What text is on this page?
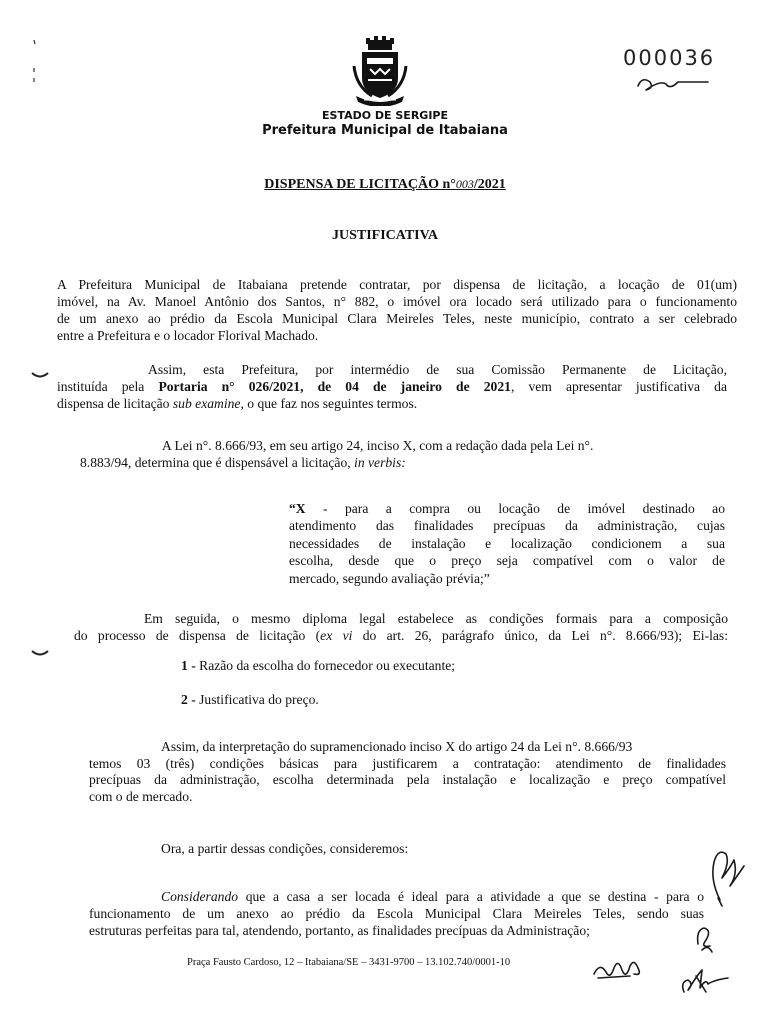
000036
ESTADO DE SERGIPE
Prefeitura Municipal de Itabaiana
DISPENSA DE LICITAÇÃO n°003/2021
JUSTIFICATIVA
A Prefeitura Municipal de Itabaiana pretende contratar, por dispensa de licitação, a locação de 01(um)
imóvel, na Av. Manoel Antônio dos Santos, n° 882, o imóvel ora locado será utilizado para o funcionamento
de um anexo ao prédio da Escola Municipal Clara Meireles Teles, neste município, contrato a ser celebrado
entre a Prefeitura e o locador Florival Machado.
Assim, esta Prefeitura, por intermédio de sua Comissão Permanente de Licitação,
instituída pela Portaria n° 026/2021, de 04 de janeiro de 2021, vem apresentar justificativa da
dispensa de licitação sub examine, o que faz nos seguintes termos.
A Lei n°. 8.666/93, em seu artigo 24, inciso X, com a redação dada pela Lei n°.
8.883/94, determina que é dispensável a licitação, in verbis:
“X - para a compra ou locação de imóvel destinado ao
atendimento das finalidades precípuas da administração, cujas
necessidades de instalação e localização condicionem a sua
escolha, desde que o preço seja compatível com o valor de
mercado, segundo avaliação prévia;”
Em seguida, o mesmo diploma legal estabelece as condições formais para a composição
do processo de dispensa de licitação (ex vi do art. 26, parágrafo único, da Lei n°. 8.666/93); Ei-las:
1 - Razão da escolha do fornecedor ou executante;
2 - Justificativa do preço.
Assim, da interpretação do supramencionado inciso X do artigo 24 da Lei n°. 8.666/93
temos 03 (três) condições básicas para justificarem a contratação: atendimento de finalidades
precípuas da administração, escolha determinada pela instalação e localização e preço compatível
com o de mercado.
Ora, a partir dessas condições, consideremos:
Considerando que a casa a ser locada é ideal para a atividade a que se destina - para o
funcionamento de um anexo ao prédio da Escola Municipal Clara Meireles Teles, sendo suas
estruturas perfeitas para tal, atendendo, portanto, as finalidades precípuas da Administração;
Praça Fausto Cardoso, 12 – Itabaiana/SE – 3431-9700 – 13.102.740/0001-10
